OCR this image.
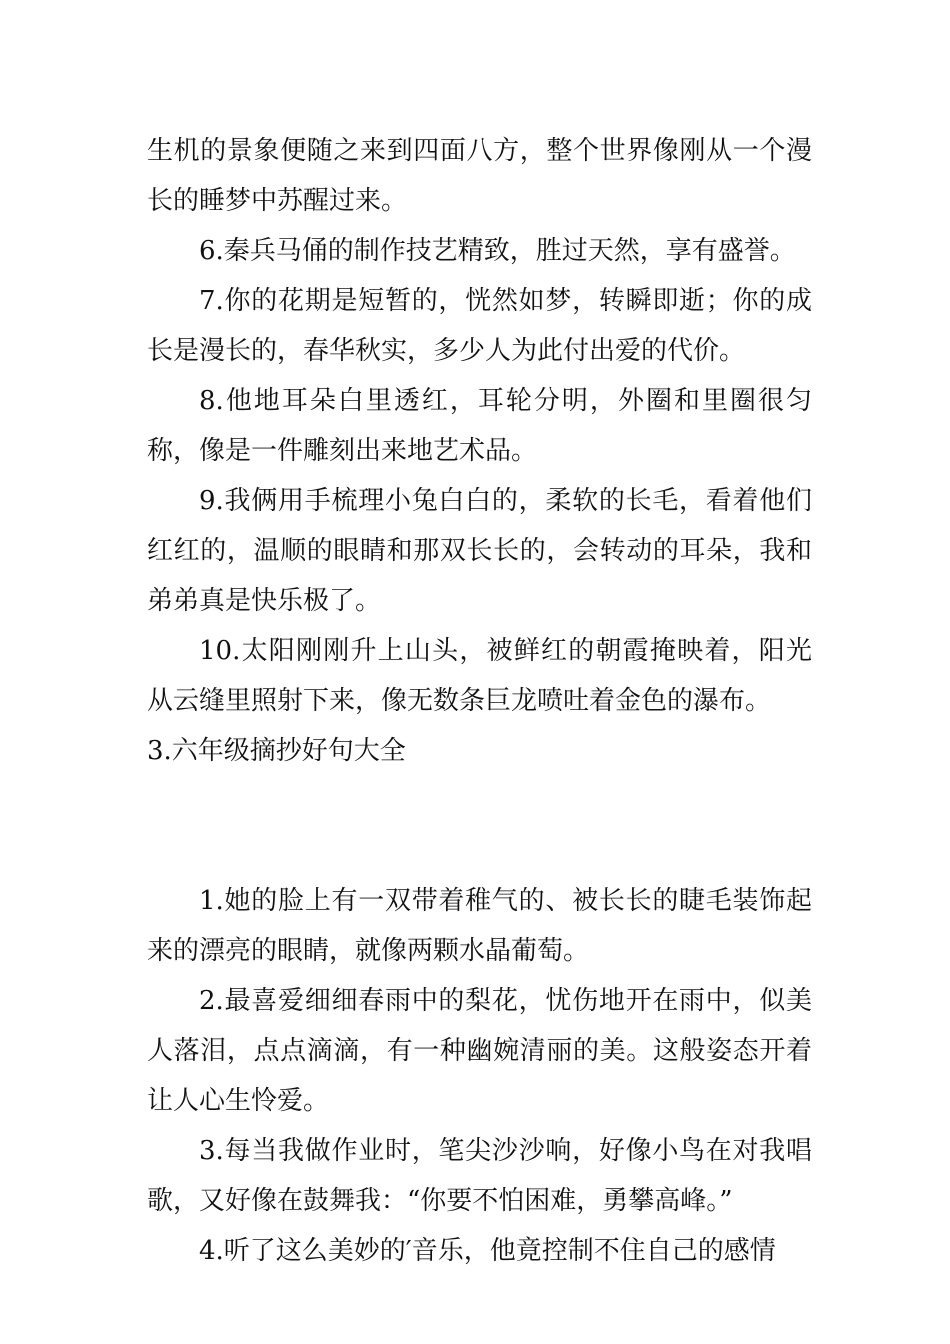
生机的景象便随之来到四面八方，整个世界像刚从一个漫长的睡梦中苏醒过来。

6.秦兵马俑的制作技艺精致，胜过天然，享有盛誉。

7.你的花期是短暂的，恍然如梦，转瞬即逝；你的成长是漫长的，春华秋实，多少人为此付出爱的代价。

8.他地耳朵白里透红，耳轮分明，外圈和里圈很匀称，像是一件雕刻出来地艺术品。

9.我俩用手梳理小兔白白的，柔软的长毛，看着他们红红的，温顺的眼睛和那双长长的，会转动的耳朵，我和弟弟真是快乐极了。

10.太阳刚刚升上山头，被鲜红的朝霞掩映着，阳光从云缝里照射下来，像无数条巨龙喷吐着金色的瀑布。

3.六年级摘抄好句大全

1.她的脸上有一双带着稚气的、被长长的睫毛装饰起来的漂亮的眼睛，就像两颗水晶葡萄。

2.最喜爱细细春雨中的梨花，忧伤地开在雨中，似美人落泪，点点滴滴，有一种幽婉清丽的美。这般姿态开着让人心生怜爱。

3.每当我做作业时，笔尖沙沙响，好像小鸟在对我唱歌，又好像在鼓舞我：“你要不怕困难，勇攀高峰。”

4.听了这么美妙的′音乐，他竟控制不住自己的感情
